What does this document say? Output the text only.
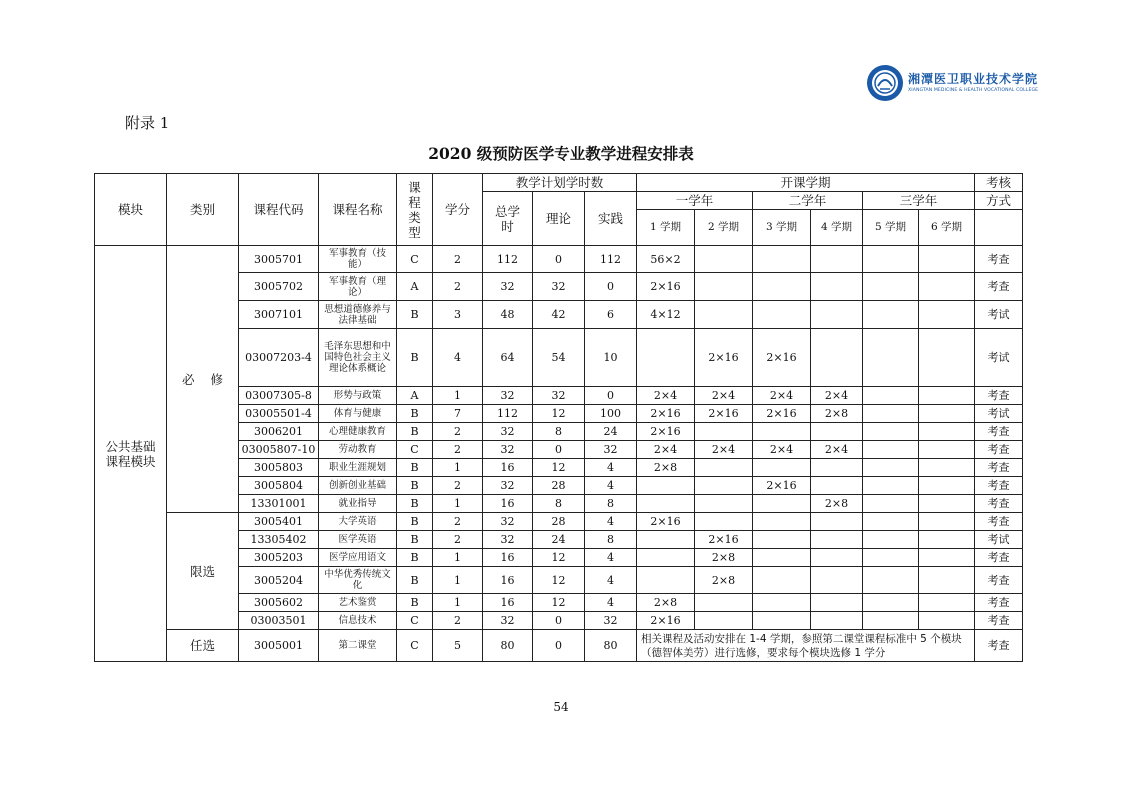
湘潭医卫职业技术学院
XIANGTAN MEDICINE & HEALTH VOCATIONAL COLLEGE
附录 1
2020 级预防医学专业教学进程安排表
模块	类别	课程代码	课程名称	课程类型	学分	教学计划学时数			开课学期						考核
						总学时	理论	实践	一学年		二学年		三学年		方式
									1 学期	2 学期	3 学期	4 学期	5 学期	6 学期	
公共基础课程模块	必    修	3005701	军事教育（技能）	C	2	112	0	112	56×2						考查
		3005702	军事教育（理论）	A	2	32	32	0	2×16						考查
		3007101	思想道德修养与法律基础	B	3	48	42	6	4×12						考试
		03007203-4	毛泽东思想和中国特色社会主义理论体系概论	B	4	64	54	10		2×16	2×16				考试
		03007305-8	形势与政策	A	1	32	32	0	2×4	2×4	2×4	2×4			考查
		03005501-4	体育与健康	B	7	112	12	100	2×16	2×16	2×16	2×8			考试
		3006201	心理健康教育	B	2	32	8	24	2×16						考查
		03005807-10	劳动教育	C	2	32	0	32	2×4	2×4	2×4	2×4			考查
		3005803	职业生涯规划	B	1	16	12	4	2×8						考查
		3005804	创新创业基础	B	2	32	28	4			2×16				考查
		13301001	就业指导	B	1	16	8	8				2×8			考查
	限选	3005401	大学英语	B	2	32	28	4	2×16						考查
		13305402	医学英语	B	2	32	24	8		2×16					考试
		3005203	医学应用语文	B	1	16	12	4		2×8					考查
		3005204	中华优秀传统文化	B	1	16	12	4		2×8					考查
		3005602	艺术鉴赏	B	1	16	12	4	2×8						考查
		03003501	信息技术	C	2	32	0	32	2×16						考查
	任选	3005001	第二课堂	C	5	80	0	80	相关课程及活动安排在 1-4 学期，参照第二课堂课程标准中 5 个模块（德智体美劳）进行选修，要求每个模块选修 1 学分						考查
54
